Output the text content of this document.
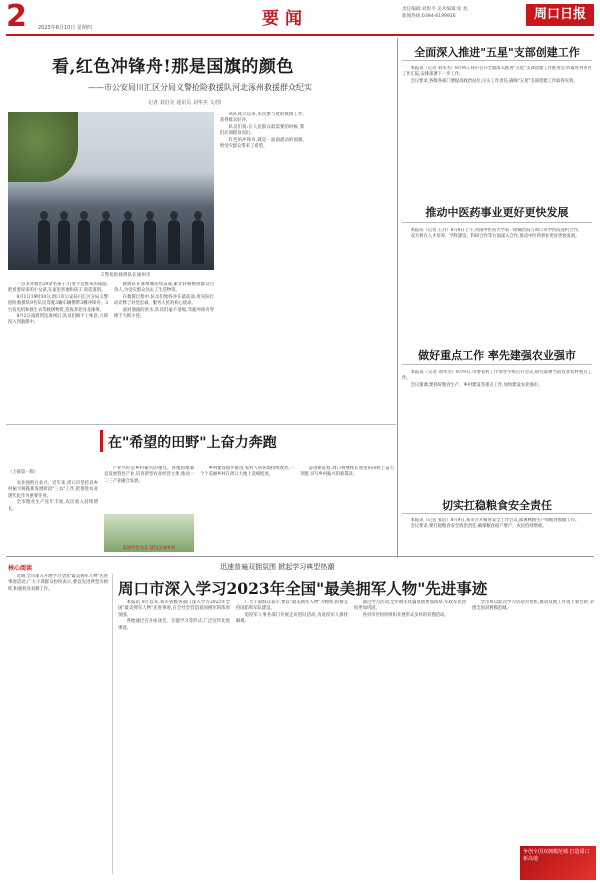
2 2023年8月10日 星期四	要闻	责任编辑:刘影平 美术编辑:张 旭
新闻热线:0394-6199916	周口日报
看,红色冲锋舟!那是国旗的颜色
——市公安局川汇区分局义警抢险救援队河北涿州救援群众纪实
记者 刘启亮 通讯员 刘华杰 文/图
义警抢险救援队在涿州市

一点多穿救出20余名孩子,打着手边推来的泳游,把看着说来的小女孩,在家里喜他和孩子,说话道别。

8月1日19时30分,周口市公安局川汇区分局义警抢险救援队9名队员驾驶3辆车辆携带3艘冲锋舟、3台发电机和救生衣等救援物资,连夜奔赴河北涿州。

8月2日凌晨到达涿州后,队员们顾不上休息,立即投入到救援中。

救援队在涿州城连续奋战,累计转移被困群众百余人,为受灾群众送去了生活物资。

在救援过程中,队员们始终冲在最前面,用实际行动诠释了对党忠诚、服务人民的初心使命。

面对汹涌的洪水,队员们毫不退缩,驾驶冲锋舟穿梭于大街小巷。

该队成立以来,多次参与抢险救援工作,获得群众好评。

队员们说:在人民群众最需要的时候,我们必须挺身而出。

红色的冲锋舟,就是一面面流动的国旗,给受灾群众带来了希望。

在"希望的田野"上奋力奔跑

（上接第一版）

农业强则百业兴。近年来,周口市坚持以乡村振兴统揽新发展阶段"三农"工作,把推进农业现代化作为重要任务。

全市粮食生产连年丰收,农民收入持续增长。

产业兴旺是乡村振兴的重点。各地因地制宜发展特色产业,培育新型农业经营主体,推动一二三产业融合发展。

发展特色农业 建设美丽乡村

乡村建设稳步推进,农村人居环境持续改善,一个个美丽乡村在周口大地上竞相绽放。

奋进新征程,周口将继续在希望的田野上奋力奔跑,书写乡村振兴的新篇章。

全面深入推进"五星"支部创建工作

本报讯（记者 刘华杰）8月9日,我市召开全面深入推进"五星"支部创建工作推进会,听取各县市区工作汇报,安排部署下一步工作。

会议要求,各级各部门要提高政治站位,压实工作责任,确保"五星"支部创建工作取得实效。

推动中医药事业更好更快发展

本报讯（记者 王丹）8月9日上午,河南中医药大学第一附属医院与周口市中医院签约合作。

双方将在人才培养、学科建设、科研合作等方面深入合作,推动中医药事业更好更快发展。

做好重点工作 率先建强农业强市

本报讯（记者 刘华杰）8月9日,市委农村工作领导小组召开会议,研究部署当前农业农村重点工作。

会议强调,要抓好粮食生产、乡村建设等重点工作,加快建设农业强市。

切实扛稳粮食安全责任

本报讯（记者 张洁）8月9日,我市召开粮食安全工作会议,部署秋粮生产和粮食收储工作。

会议要求,要扛稳粮食安全政治责任,确保粮食稳产增产、农民持续增收。

核心阅读

近期,全市深入开展学习全国"最美拥军人物"先进事迹活动,广大干部群众纷纷表示,要以先进典型为榜样,积极投身双拥工作。

迅速普遍双拥氛围 掀起学习典型热潮
周口市深入学习2023年全国"最美拥军人物"先进事迹

本报讯 8月以来,我市各级各部门深入学习2023年全国"最美拥军人物"先进事迹,在全社会营造爱国拥军的浓厚氛围。

各地通过召开座谈会、专题学习等形式,广泛宣传先进事迹。

广大干部群众表示,要以"最美拥军人物"为榜样,积极支持国防和军队建设。

退役军人事务部门开展走访慰问活动,为退役军人排忧解难。

通过学习活动,全市拥军优属氛围更加浓厚,军政军民团结更加巩固。

各县市区纷纷组织开展形式多样的双拥活动。

全市将以此次学习活动为契机,推动双拥工作再上新台阶,争创全国双拥模范城。

争创全国双拥模范城 打造周口新高地
